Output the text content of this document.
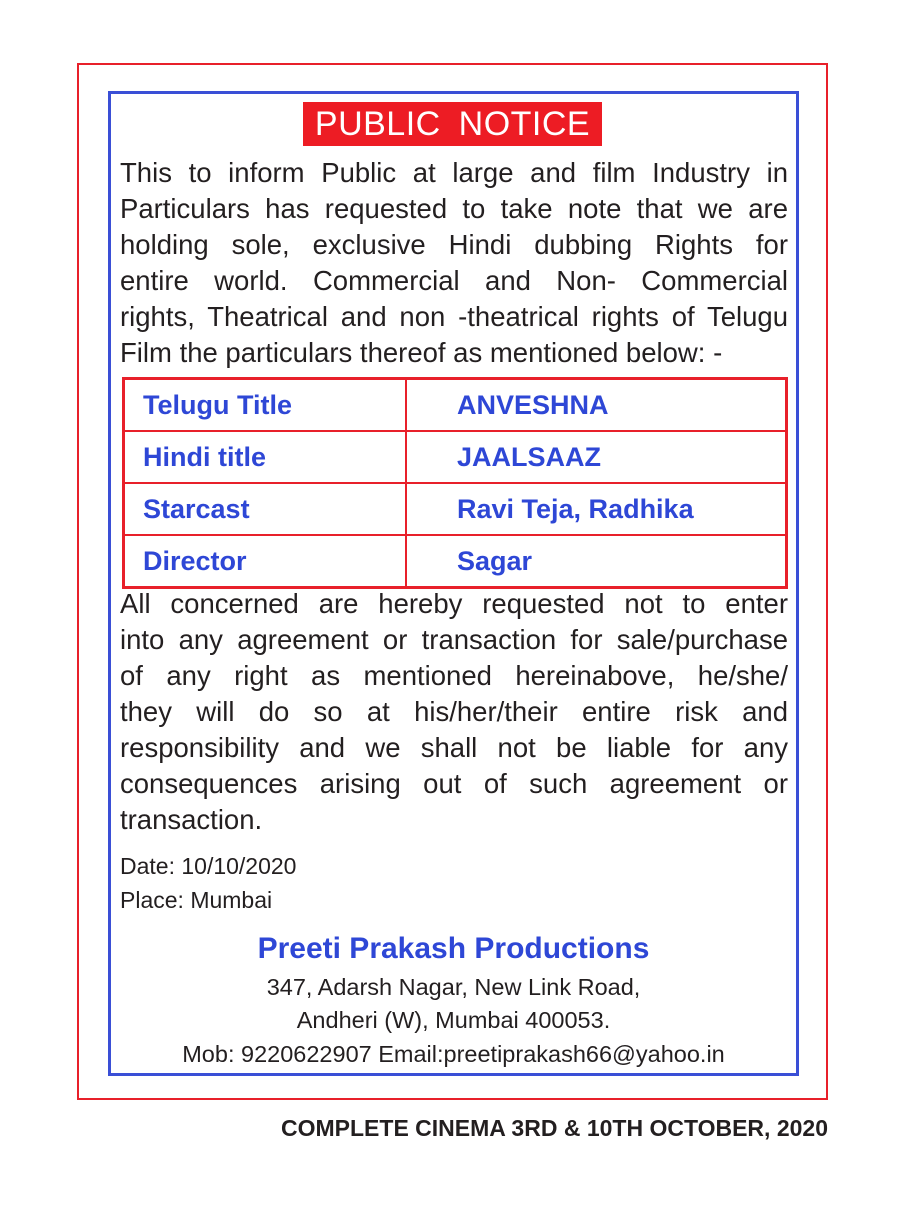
PUBLIC NOTICE
This to inform Public at large and film Industry in
Particulars has requested to take note that we are
holding sole, exclusive Hindi dubbing Rights for
entire world. Commercial and Non- Commercial
rights, Theatrical and non -theatrical rights of Telugu
Film the particulars thereof as mentioned below: -
Telugu Title	ANVESHNA
Hindi title	JAALSAAZ
Starcast	Ravi Teja, Radhika
Director	Sagar
All concerned are hereby requested not to enter
into any agreement or transaction for sale/purchase
of any right as mentioned hereinabove, he/she/
they will do so at his/her/their entire risk and
responsibility and we shall not be liable for any
consequences arising out of such agreement or
transaction.
Date: 10/10/2020
Place: Mumbai
Preeti Prakash Productions
347, Adarsh Nagar, New Link Road,
Andheri (W), Mumbai 400053.
Mob: 9220622907 Email:preetiprakash66@yahoo.in
COMPLETE CINEMA 3RD & 10TH OCTOBER, 2020
